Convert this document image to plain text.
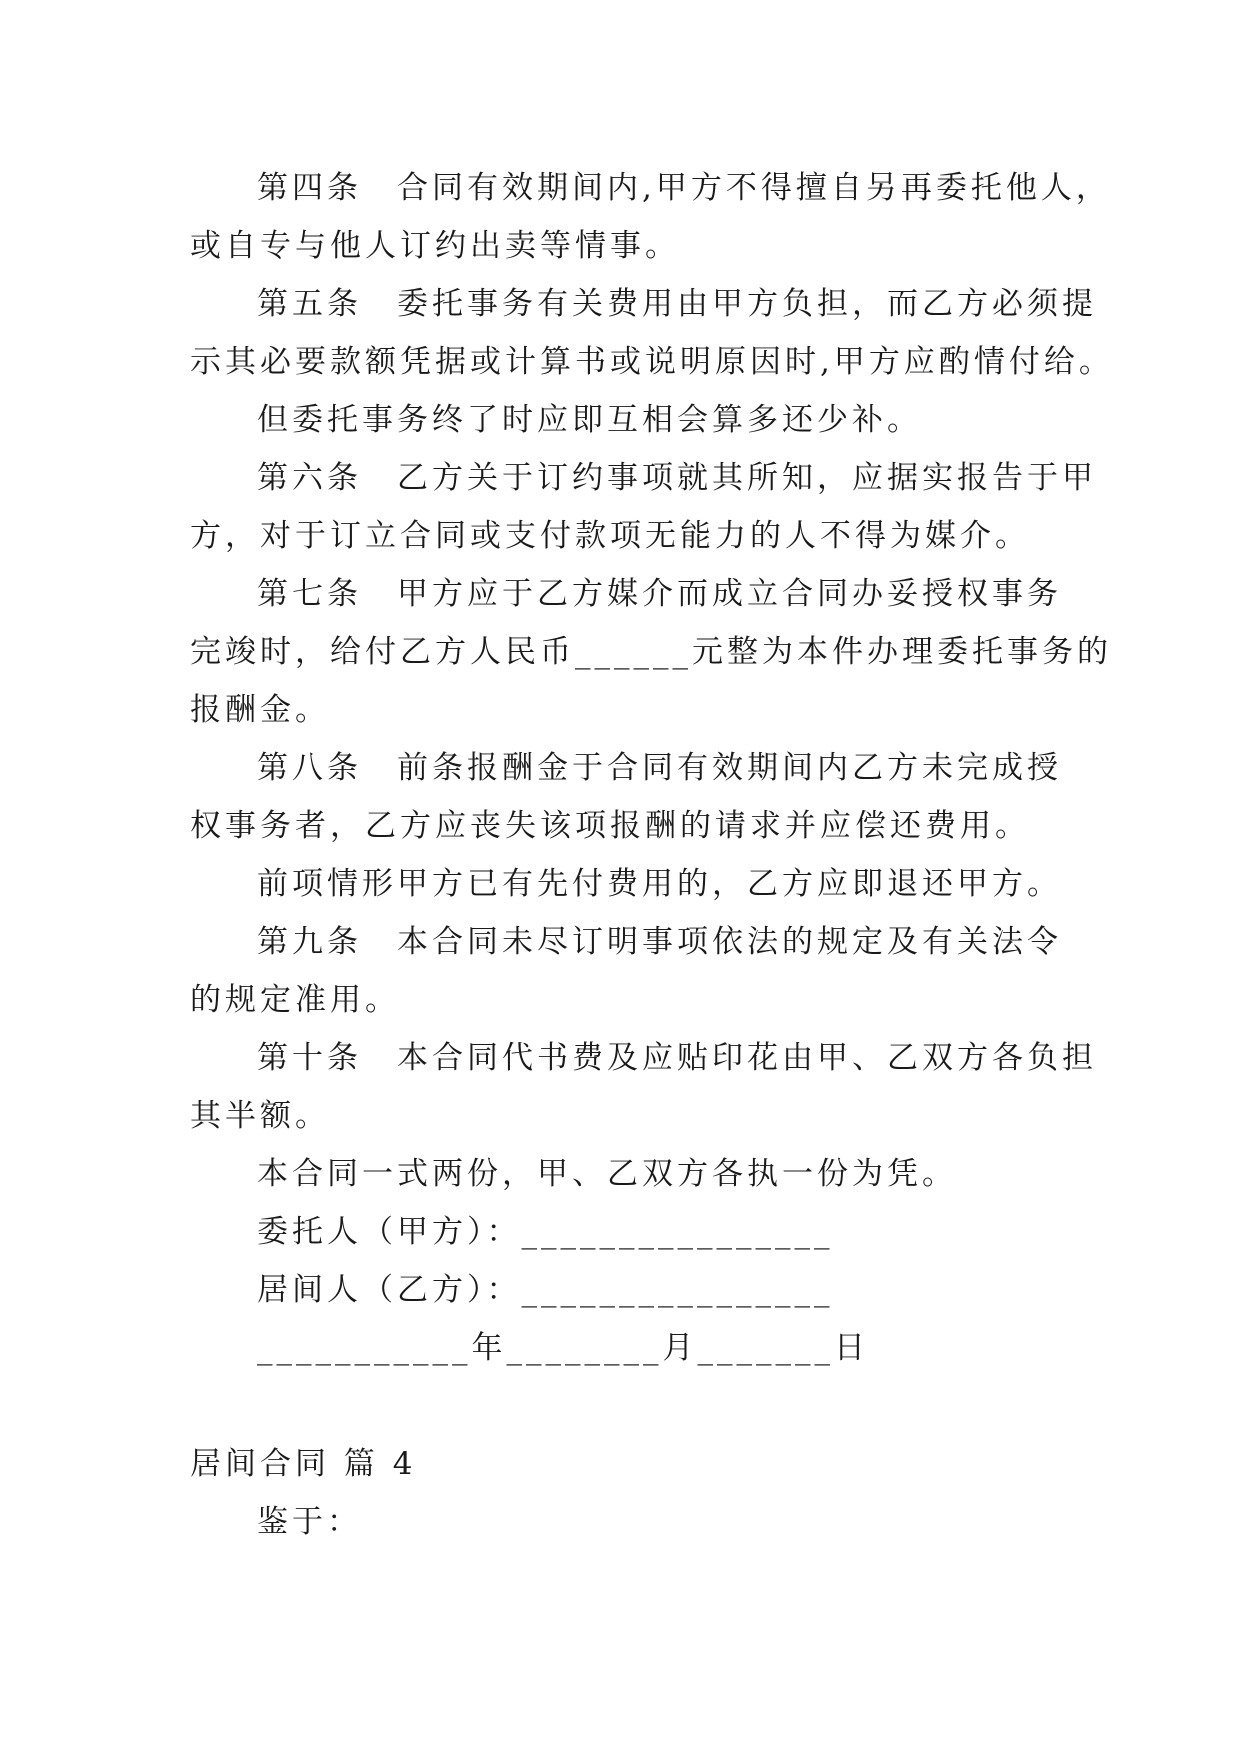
第四条　合同有效期间内,甲方不得擅自另再委托他人，
或自专与他人订约出卖等情事。
第五条　委托事务有关费用由甲方负担，而乙方必须提
示其必要款额凭据或计算书或说明原因时,甲方应酌情付给。
但委托事务终了时应即互相会算多还少补。
第六条　乙方关于订约事项就其所知，应据实报告于甲
方，对于订立合同或支付款项无能力的人不得为媒介。
第七条　甲方应于乙方媒介而成立合同办妥授权事务
完竣时，给付乙方人民币______元整为本件办理委托事务的
报酬金。
第八条　前条报酬金于合同有效期间内乙方未完成授
权事务者，乙方应丧失该项报酬的请求并应偿还费用。
前项情形甲方已有先付费用的，乙方应即退还甲方。
第九条　本合同未尽订明事项依法的规定及有关法令
的规定准用。
第十条　本合同代书费及应贴印花由甲、乙双方各负担
其半额。
本合同一式两份，甲、乙双方各执一份为凭。
委托人（甲方）：________________
居间人（乙方）：________________
___________年________月_______日
居间合同 篇 4
鉴于：
